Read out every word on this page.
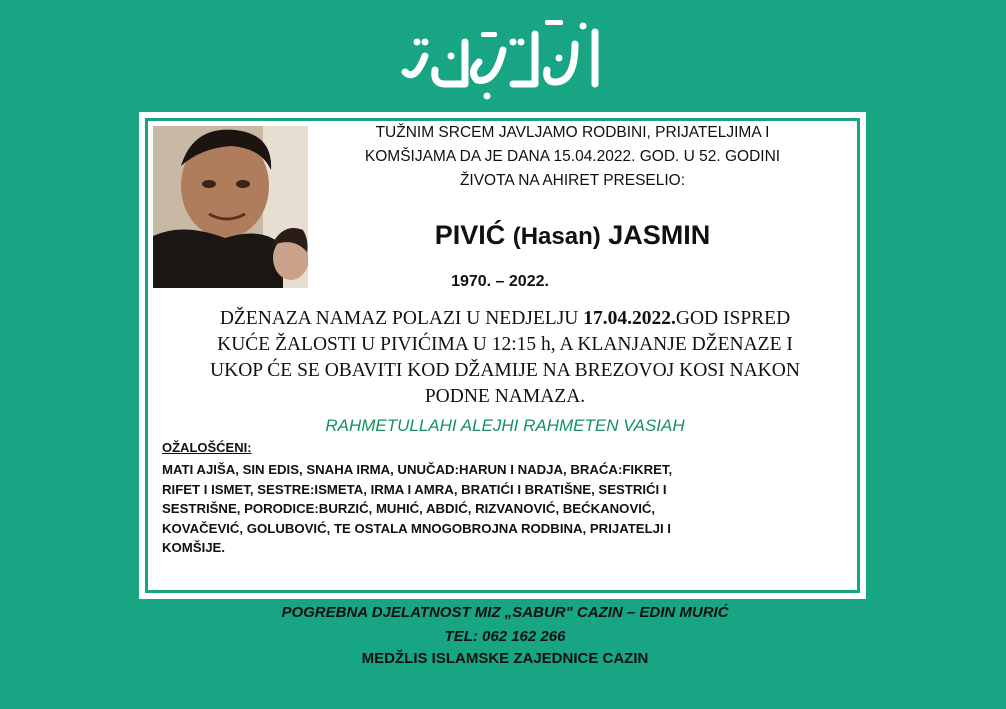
TUŽNIM SRCEM JAVLJAMO RODBINI, PRIJATELJIMA I
KOMŠIJAMA DA JE DANA 15.04.2022. GOD. U 52. GODINI
ŽIVOTA NA AHIRET PRESELIO:
PIVIĆ (Hasan) JASMIN
1970. – 2022.
DŽENAZA NAMAZ POLAZI U NEDJELJU 17.04.2022.GOD ISPRED
KUĆE ŽALOSTI U PIVIĆIMA U 12:15 h, A KLANJANJE DŽENAZE I
UKOP ĆE SE OBAVITI KOD DŽAMIJE NA BREZOVOJ KOSI NAKON
PODNE NAMAZA.
RAHMETULLAHI ALEJHI RAHMETEN VASIAH
OŽALOŠĆENI:
MATI AJIŠA, SIN EDIS, SNAHA IRMA, UNUČAD:HARUN I NADJA, BRAĆA:FIKRET,
RIFET I ISMET, SESTRE:ISMETA, IRMA I AMRA, BRATIĆI I BRATIŠNE, SESTRIĆI I
SESTRIŠNE, PORODICE:BURZIĆ, MUHIĆ, ABDIĆ, RIZVANOVIĆ, BEĆKANOVIĆ,
KOVAČEVIĆ, GOLUBOVIĆ, TE OSTALA MNOGOBROJNA RODBINA, PRIJATELJI I
KOMŠIJE.
POGREBNA DJELATNOST MIZ „SABUR" CAZIN – EDIN MURIĆ
TEL: 062 162 266
MEDŽLIS ISLAMSKE ZAJEDNICE CAZIN
